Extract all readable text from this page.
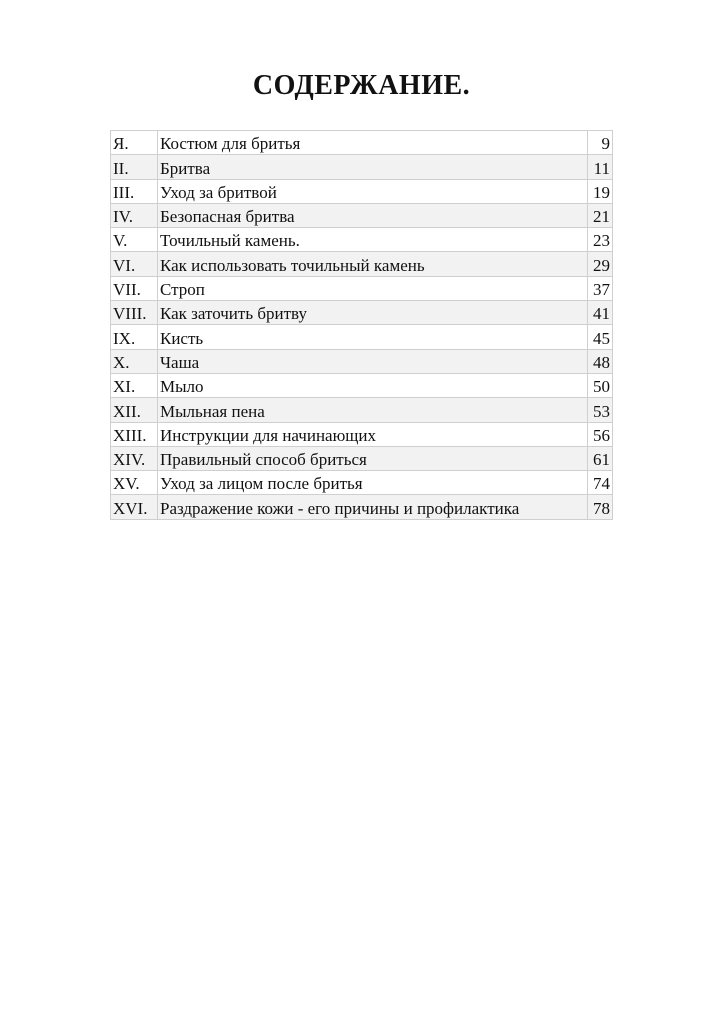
СОДЕРЖАНИЕ.
Я.	Костюм для бритья	9
II.	Бритва	11
III.	Уход за бритвой	19
IV.	Безопасная бритва	21
V.	Точильный камень.	23
VI.	Как использовать точильный камень	29
VII.	Строп	37
VIII.	Как заточить бритву	41
IX.	Кисть	45
X.	Чаша	48
XI.	Мыло	50
XII.	Мыльная пена	53
XIII.	Инструкции для начинающих	56
XIV.	Правильный способ бриться	61
XV.	Уход за лицом после бритья	74
XVI.	Раздражение кожи - его причины и профилактика	78
